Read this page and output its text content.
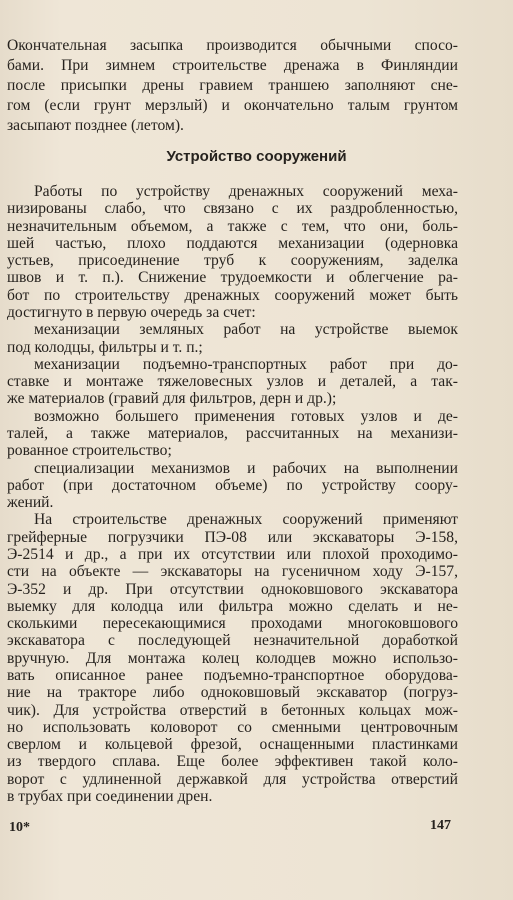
Окончательная засыпка производится обычными спосо-
бами. При зимнем строительстве дренажа в Финляндии
после присыпки дрены гравием траншею заполняют сне-
гом (если грунт мерзлый) и окончательно талым грунтом
засыпают позднее (летом).
Устройство сооружений
Работы по устройству дренажных сооружений меха-
низированы слабо, что связано с их раздробленностью,
незначительным объемом, а также с тем, что они, боль-
шей частью, плохо поддаются механизации (одерновка
устьев, присоединение труб к сооружениям, заделка
швов и т. п.). Снижение трудоемкости и облегчение ра-
бот по строительству дренажных сооружений может быть
достигнуто в первую очередь за счет:
механизации земляных работ на устройстве выемок
под колодцы, фильтры и т. п.;
механизации подъемно-транспортных работ при до-
ставке и монтаже тяжеловесных узлов и деталей, а так-
же материалов (гравий для фильтров, дерн и др.);
возможно большего применения готовых узлов и де-
талей, а также материалов, рассчитанных на механизи-
рованное строительство;
специализации механизмов и рабочих на выполнении
работ (при достаточном объеме) по устройству соору-
жений.
На строительстве дренажных сооружений применяют
грейферные погрузчики ПЭ-08 или экскаваторы Э-158,
Э-2514 и др., а при их отсутствии или плохой проходимо-
сти на объекте — экскаваторы на гусеничном ходу Э-157,
Э-352 и др. При отсутствии одноковшового экскаватора
выемку для колодца или фильтра можно сделать и не-
сколькими пересекающимися проходами многоковшового
экскаватора с последующей незначительной доработкой
вручную. Для монтажа колец колодцев можно использо-
вать описанное ранее подъемно-транспортное оборудова-
ние на тракторе либо одноковшовый экскаватор (погруз-
чик). Для устройства отверстий в бетонных кольцах мож-
но использовать коловорот со сменными центровочным
сверлом и кольцевой фрезой, оснащенными пластинками
из твердого сплава. Еще более эффективен такой коло-
ворот с удлиненной державкой для устройства отверстий
в трубах при соединении дрен.
10*	147
